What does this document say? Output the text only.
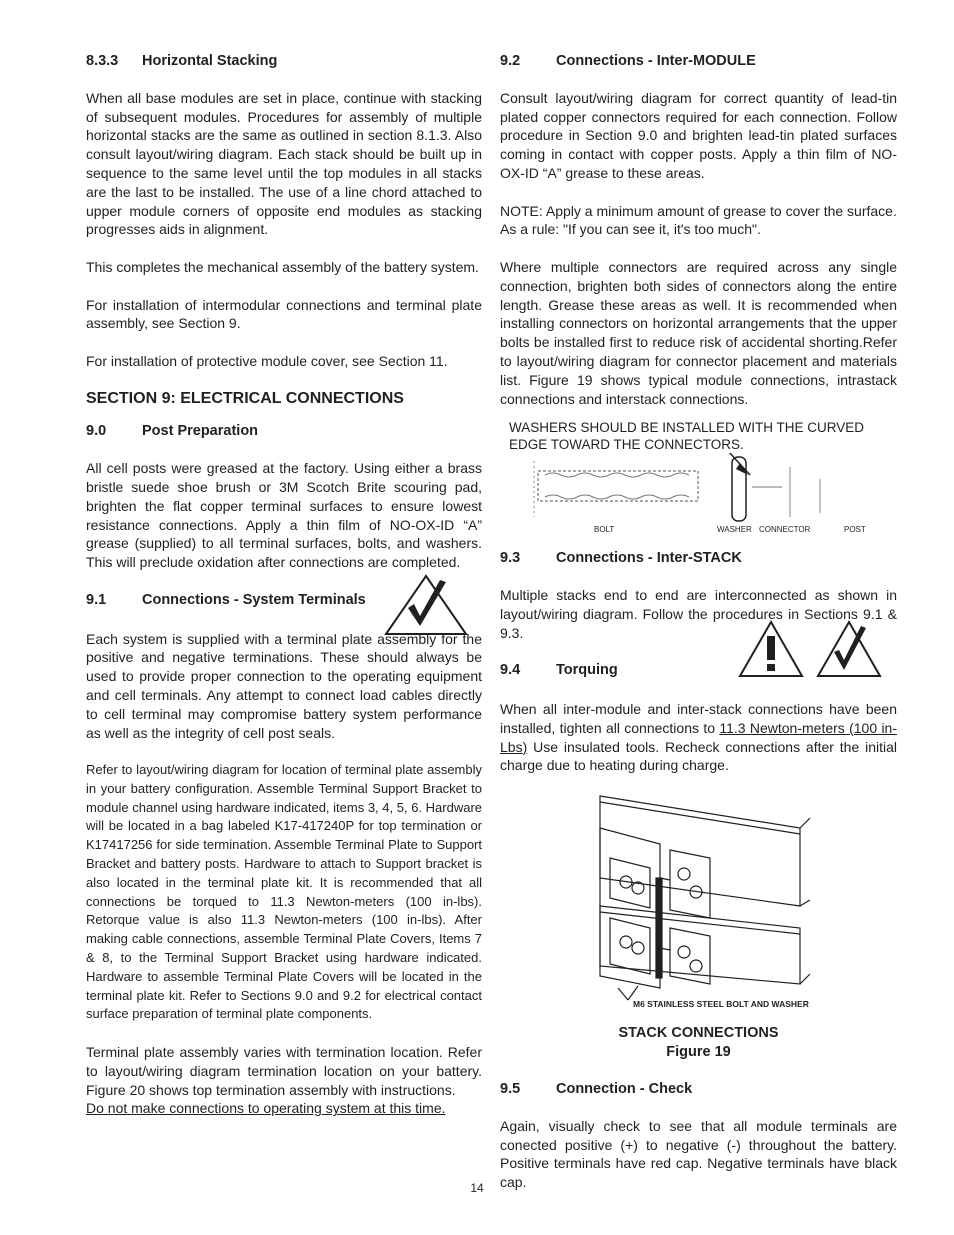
8.3.3	Horizontal Stacking

When all base modules are set in place, continue with stacking of subsequent modules. Procedures for assembly of multiple horizontal stacks are the same as outlined in section 8.1.3. Also consult layout/wiring diagram. Each stack should be built up in sequence to the same level until the top modules in all stacks are the last to be installed. The use of a line chord attached to upper module corners of opposite end modules as stacking progresses aids in alignment.

This completes the mechanical assembly of the battery system.

For installation of intermodular connections and terminal plate assembly, see Section 9.

For installation of protective module cover, see Section 11.

SECTION 9: ELECTRICAL CONNECTIONS
9.0	Post Preparation

All cell posts were greased at the factory. Using either a brass bristle suede shoe brush or 3M Scotch Brite scouring pad, brighten the flat copper terminal surfaces to ensure lowest resistance connections. Apply a thin film of NO-OX-ID “A” grease (supplied) to all terminal surfaces, bolts, and washers. This will preclude oxidation after connections are completed.

9.1	Connections - System Terminals

Each system is supplied with a terminal plate assembly for the positive and negative terminations. These should always be used to provide proper connection to the operating equipment and cell terminals. Any attempt to connect load cables directly to cell terminal may compromise battery system performance as well as the integrity of cell post seals.

Refer to layout/wiring diagram for location of terminal plate assembly in your battery configuration. Assemble Terminal Support Bracket to module channel using hardware indicated, items 3, 4, 5, 6. Hardware will be located in a bag labeled K17-417240P for top termination or K17417256 for side termination. Assemble Terminal Plate to Support Bracket and battery posts. Hardware to attach to Support bracket is also located in the terminal plate kit. It is recommended that all connections be torqued to 11.3 Newton-meters (100 in-lbs). Retorque value is also 11.3 Newton-meters (100 in-lbs). After making cable connections, assemble Terminal Plate Covers, Items 7 & 8, to the Terminal Support Bracket using hardware indicated. Hardware to assemble Terminal Plate Covers will be located in the terminal plate kit. Refer to Sections 9.0 and 9.2 for electrical contact surface preparation of terminal plate components.

Terminal plate assembly varies with termination location. Refer to layout/wiring diagram termination location on your battery. Figure 20 shows top termination assembly with instructions.

Do not make connections to operating system at this time.

9.2	Connections - Inter-MODULE

Consult layout/wiring diagram for correct quantity of lead-tin plated copper connectors required for each connection. Follow procedure in Section 9.0 and brighten lead-tin plated surfaces coming in contact with copper posts. Apply a thin film of NO-OX-ID “A” grease to these areas.

NOTE: Apply a minimum amount of grease to cover the surface. As a rule: "If you can see it, it's too much".

Where multiple connectors are required across any single connection, brighten both sides of connectors along the entire length. Grease these areas as well. It is recommended when installing connectors on horizontal arrangements that the upper bolts be installed first to reduce risk of accidental shorting.Refer to layout/wiring diagram for connector placement and materials list. Figure 19 shows typical module connections, intrastack connections and interstack connections.

WASHERS SHOULD BE INSTALLED WITH THE CURVED EDGE TOWARD THE CONNECTORS.
BOLT	WASHER CONNECTOR	POST
9.3	Connections - Inter-STACK

Multiple stacks end to end are interconnected as shown in layout/wiring diagram. Follow the procedures in Sections 9.1 & 9.3.

9.4	Torquing

When all inter-module and inter-stack connections have been installed, tighten all connections to 11.3 Newton-meters (100 in-Lbs) Use insulated tools. Recheck connections after the initial charge due to heating during charge.

M6 STAINLESS STEEL BOLT AND WASHER
STACK CONNECTIONS
Figure 19
9.5	Connection - Check

Again, visually check to see that all module terminals are conected positive (+) to negative (-) throughout the battery. Positive terminals have red cap. Negative terminals have black cap.

14
